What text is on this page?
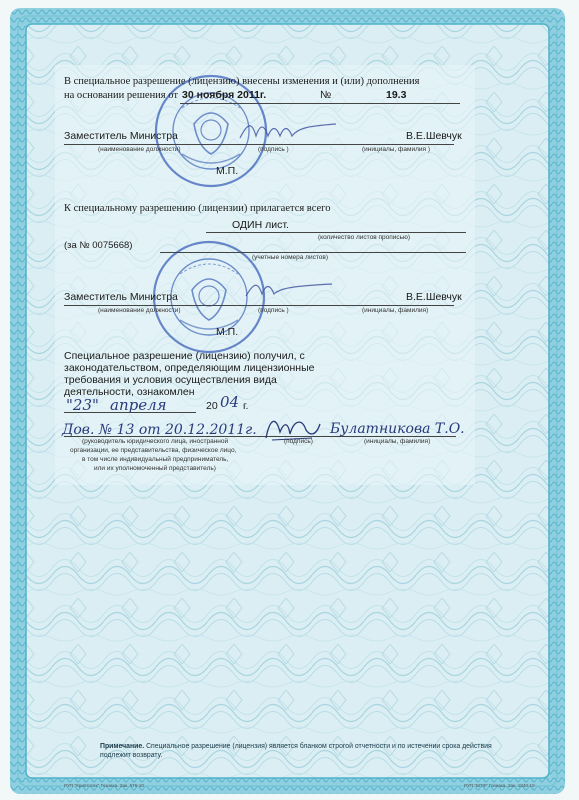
В специальное разрешение (лицензию) внесены изменения и (или) дополнения
на основании решения от 30 ноября 2011г.	№	19.3
Заместитель Министра	В.Е.Шевчук
(наименование должности)	(подпись )	(инициалы, фамилия )
М.П.
К специальному разрешению (лицензии) прилагается всего
ОДИН лист.
(количество листов прописью)
(за № 0075668)
(учетные номера листов)
Заместитель Министра	В.Е.Шевчук
(наименование должности)	(подпись )	(инициалы, фамилия)
М.П.
Специальное разрешение (лицензию) получил, с
законодательством, определяющим лицензионные
требования и условия осуществления вида
деятельности, ознакомлен
"23" апреля	20 04 г.
Дов. № 13 от 20.12.2011г.	Булатникова Т.О.
(руководитель юридического лица, иностранной
организации, ее представительства, физическое лицо,
в том числе индивидуальный предприниматель,
или их уполномоченный представитель)
(подпись)	(инициалы, фамилия)
Примечание. Специальное разрешение (лицензия) является бланком строгой отчетности и по истечении срока действия
подлежит возврату.
РУП "Криптотех" Гознака. Зак. 576-10	РУП "БПФ" Гознака. Зак. 1840-10
